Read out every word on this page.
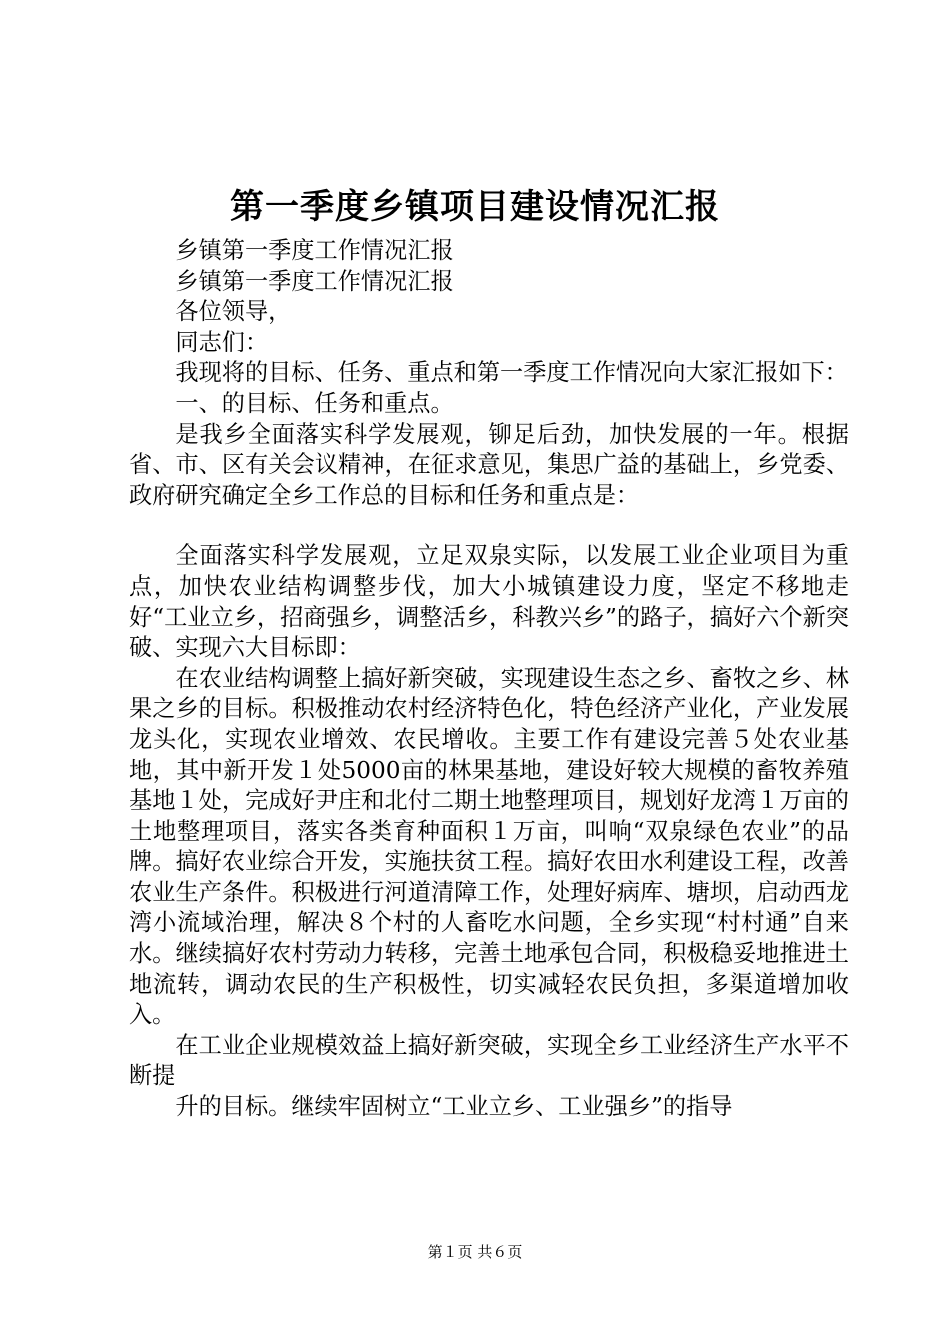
第一季度乡镇项目建设情况汇报

乡镇第一季度工作情况汇报

乡镇第一季度工作情况汇报

各位领导，

同志们：

我现将的目标、任务、重点和第一季度工作情况向大家汇报如下：

一、的目标、任务和重点。

是我乡全面落实科学发展观，铆足后劲，加快发展的一年。根据省、市、区有关会议精神，在征求意见，集思广益的基础上，乡党委、政府研究确定全乡工作总的目标和任务和重点是：

全面落实科学发展观，立足双泉实际，以发展工业企业项目为重点，加快农业结构调整步伐，加大小城镇建设力度，坚定不移地走好“工业立乡，招商强乡，调整活乡，科教兴乡”的路子，搞好六个新突破、实现六大目标即：

在农业结构调整上搞好新突破，实现建设生态之乡、畜牧之乡、林果之乡的目标。积极推动农村经济特色化，特色经济产业化，产业发展龙头化，实现农业增效、农民增收。主要工作有建设完善５处农业基地，其中新开发１处5000亩的林果基地，建设好较大规模的畜牧养殖基地１处，完成好尹庄和北付二期土地整理项目，规划好龙湾１万亩的土地整理项目，落实各类育种面积１万亩，叫响“双泉绿色农业”的品牌。搞好农业综合开发，实施扶贫工程。搞好农田水利建设工程，改善农业生产条件。积极进行河道清障工作，处理好病库、塘坝，启动西龙湾小流域治理，解决８个村的人畜吃水问题，全乡实现“村村通”自来水。继续搞好农村劳动力转移，完善土地承包合同，积极稳妥地推进土地流转，调动农民的生产积极性，切实减轻农民负担，多渠道增加收入。

在工业企业规模效益上搞好新突破，实现全乡工业经济生产水平不断提

升的目标。继续牢固树立“工业立乡、工业强乡”的指导

第１页 共６页
